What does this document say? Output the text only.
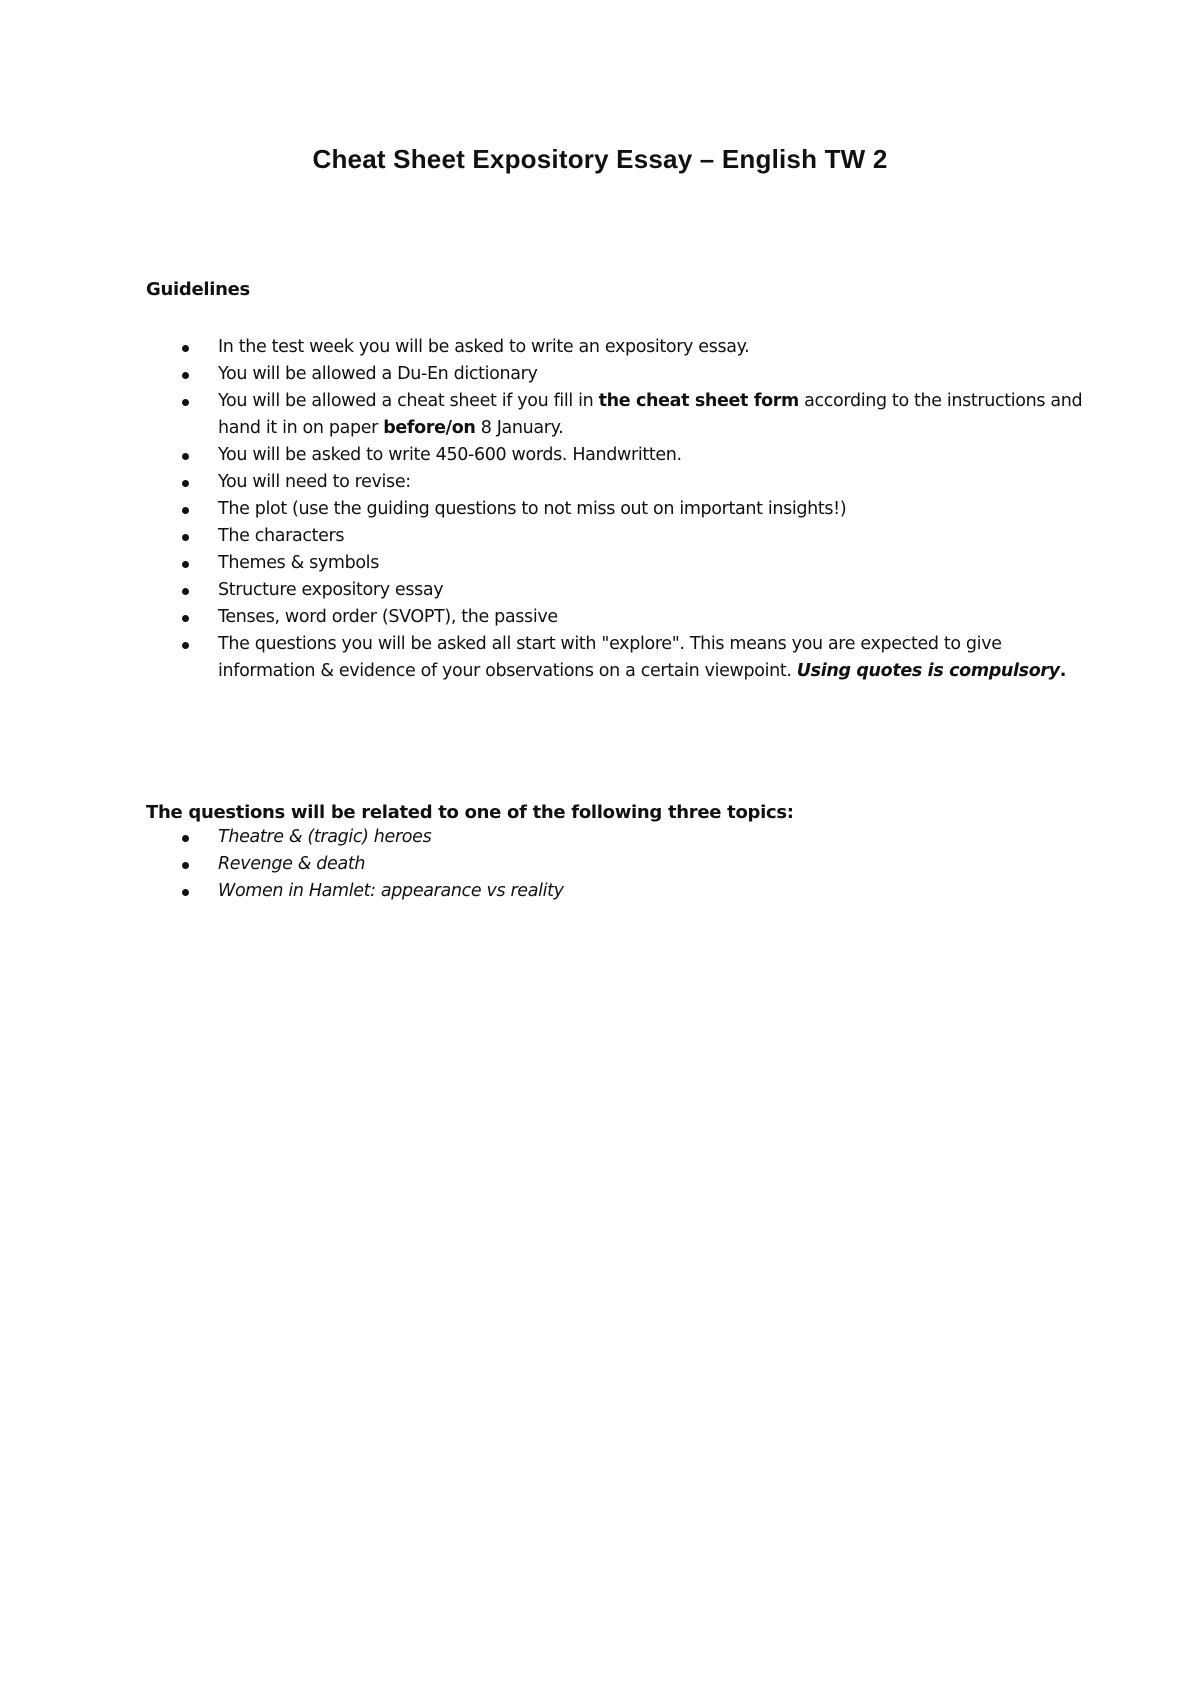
Cheat Sheet Expository Essay – English TW 2
Guidelines
In the test week you will be asked to write an expository essay.
You will be allowed a Du-En dictionary
You will be allowed a cheat sheet if you fill in the cheat sheet form according to the instructions and hand it in on paper before/on 8 January.
You will be asked to write 450-600 words. Handwritten.
You will need to revise:
The plot (use the guiding questions to not miss out on important insights!)
The characters
Themes & symbols
Structure expository essay
Tenses, word order (SVOPT), the passive
The questions you will be asked all start with "explore". This means you are expected to give information & evidence of your observations on a certain viewpoint. Using quotes is compulsory.
The questions will be related to one of the following three topics:
Theatre & (tragic) heroes
Revenge & death
Women in Hamlet: appearance vs reality
